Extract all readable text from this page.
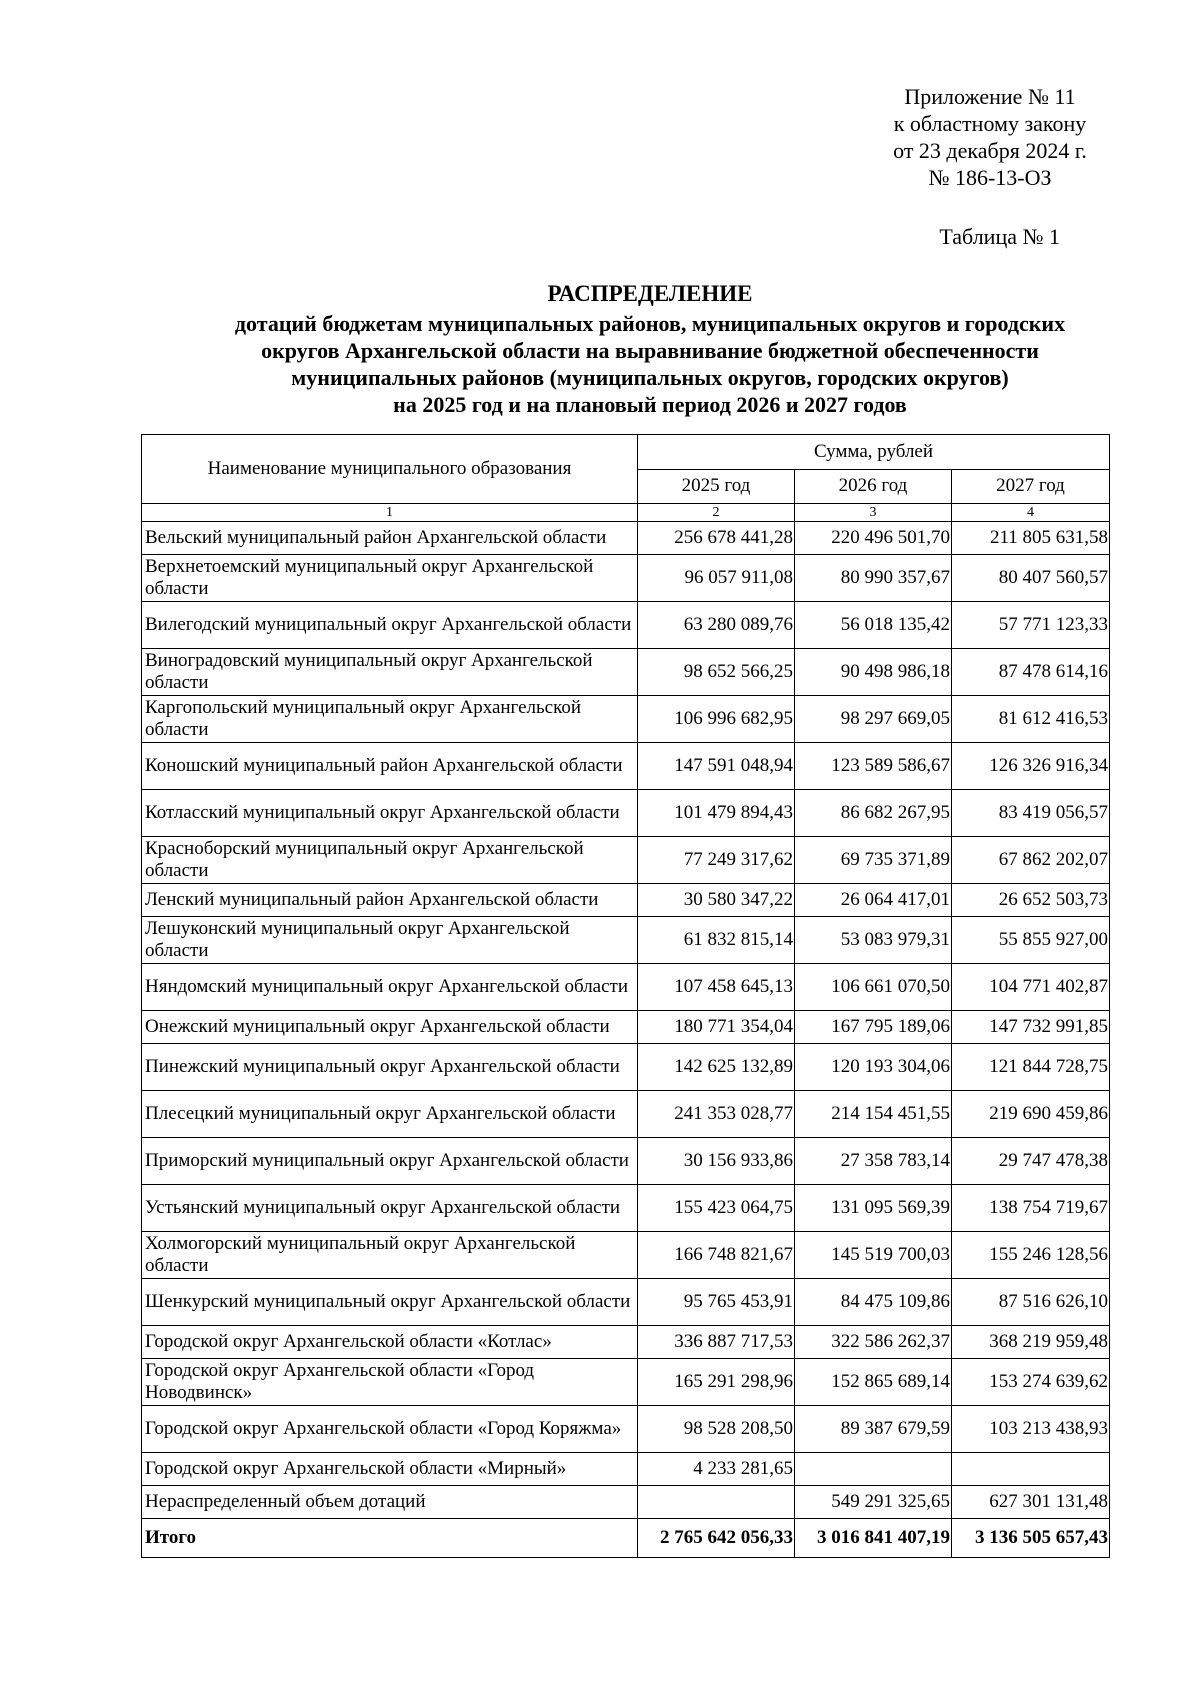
Приложение № 11
к областному закону
от 23 декабря 2024 г.
№ 186-13-ОЗ
Таблица № 1
РАСПРЕДЕЛЕНИЕ
дотаций бюджетам муниципальных районов, муниципальных округов и городских
округов Архангельской области на выравнивание бюджетной обеспеченности
муниципальных районов (муниципальных округов, городских округов)
на 2025 год и на плановый период 2026 и 2027 годов
Наименование муниципального образования	Сумма, рублей		
	2025 год	2026 год	2027 год
1	2	3	4
Вельский муниципальный район Архангельской области	256 678 441,28	220 496 501,70	211 805 631,58
Верхнетоемский муниципальный округ Архангельской области	96 057 911,08	80 990 357,67	80 407 560,57
Вилегодский муниципальный округ Архангельской области	63 280 089,76	56 018 135,42	57 771 123,33
Виноградовский муниципальный округ Архангельской области	98 652 566,25	90 498 986,18	87 478 614,16
Каргопольский муниципальный округ Архангельской области	106 996 682,95	98 297 669,05	81 612 416,53
Коношский муниципальный район Архангельской области	147 591 048,94	123 589 586,67	126 326 916,34
Котласский муниципальный округ Архангельской области	101 479 894,43	86 682 267,95	83 419 056,57
Красноборский муниципальный округ Архангельской области	77 249 317,62	69 735 371,89	67 862 202,07
Ленский муниципальный район Архангельской области	30 580 347,22	26 064 417,01	26 652 503,73
Лешуконский муниципальный округ Архангельской области	61 832 815,14	53 083 979,31	55 855 927,00
Няндомский муниципальный округ Архангельской области	107 458 645,13	106 661 070,50	104 771 402,87
Онежский муниципальный округ Архангельской области	180 771 354,04	167 795 189,06	147 732 991,85
Пинежский муниципальный округ Архангельской области	142 625 132,89	120 193 304,06	121 844 728,75
Плесецкий муниципальный округ Архангельской области	241 353 028,77	214 154 451,55	219 690 459,86
Приморский муниципальный округ Архангельской области	30 156 933,86	27 358 783,14	29 747 478,38
Устьянский муниципальный округ Архангельской области	155 423 064,75	131 095 569,39	138 754 719,67
Холмогорский муниципальный округ Архангельской области	166 748 821,67	145 519 700,03	155 246 128,56
Шенкурский муниципальный округ Архангельской области	95 765 453,91	84 475 109,86	87 516 626,10
Городской округ Архангельской области «Котлас»	336 887 717,53	322 586 262,37	368 219 959,48
Городской округ Архангельской области «Город Новодвинск»	165 291 298,96	152 865 689,14	153 274 639,62
Городской округ Архангельской области «Город Коряжма»	98 528 208,50	89 387 679,59	103 213 438,93
Городской округ Архангельской области «Мирный»	4 233 281,65		
Нераспределенный объем дотаций		549 291 325,65	627 301 131,48
Итого	2 765 642 056,33	3 016 841 407,19	3 136 505 657,43
